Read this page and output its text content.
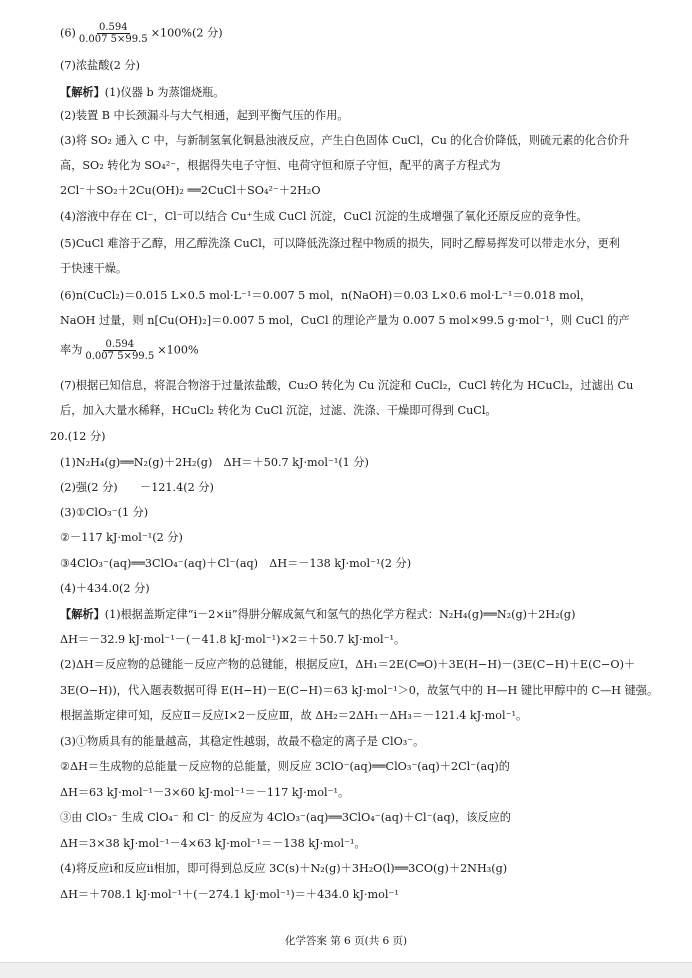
$(6) \frac{0.594}{0.007 5\times 99.5} \times 100\%(2$ 分)
(7)浓盐酸(2 分)
【解析】(1)仪器 b 为蒸馏烧瓶。
(2)装置 B 中长颈漏斗与大气相通，起到平衡气压的作用。
(3)将 SO₂ 通入 C 中，与新制氢氧化铜悬浊液反应，产生白色固体 CuCl，Cu 的化合价降低，则硫元素的化合价升
高，SO₂ 转化为 SO₄²⁻，根据得失电子守恒、电荷守恒和原子守恒，配平的离子方程式为
2Cl⁻＋SO₂＋2Cu(OH)₂ ══2CuCl＋SO₄²⁻＋2H₂O
(4)溶液中存在 Cl⁻，Cl⁻可以结合 Cu⁺生成 CuCl 沉淀，CuCl 沉淀的生成增强了氧化还原反应的竞争性。
(5)CuCl 难溶于乙醇，用乙醇洗涤 CuCl，可以降低洗涤过程中物质的损失，同时乙醇易挥发可以带走水分，更利
于快速干燥。
(6)n(CuCl₂)＝0.015 L×0.5 mol·L⁻¹＝0.007 5 mol，n(NaOH)＝0.03 L×0.6 mol·L⁻¹＝0.018 mol，
NaOH 过量，则 n[Cu(OH)₂]＝0.007 5 mol，CuCl 的理论产量为 0.007 5 mol×99.5 g·mol⁻¹，则 CuCl 的产
率为 $\frac{0.594}{0.007 5\times 99.5} \times 100\%$
(7)根据已知信息，将混合物溶于过量浓盐酸，Cu₂O 转化为 Cu 沉淀和 CuCl₂，CuCl 转化为 HCuCl₂，过滤出 Cu
后，加入大量水稀释，HCuCl₂ 转化为 CuCl 沉淀，过滤、洗涤、干燥即可得到 CuCl。
20.(12 分)
(1)N₂H₄(g)══N₂(g)＋2H₂(g)　ΔH＝＋50.7 kJ·mol⁻¹(1 分)
(2)强(2 分)　　－121.4(2 分)
(3)①ClO₃⁻(1 分)
②－117 kJ·mol⁻¹(2 分)
③4ClO₃⁻(aq)══3ClO₄⁻(aq)＋Cl⁻(aq)　ΔH＝－138 kJ·mol⁻¹(2 分)
(4)＋434.0(2 分)
【解析】(1)根据盖斯定律“i－2×ii”得肼分解成氮气和氢气的热化学方程式：N₂H₄(g)══N₂(g)＋2H₂(g)
ΔH＝－32.9 kJ·mol⁻¹－(－41.8 kJ·mol⁻¹)×2＝＋50.7 kJ·mol⁻¹。
(2)ΔH＝反应物的总键能－反应产物的总键能，根据反应Ⅰ，ΔH₁＝2E(C═O)＋3E(H−H)－(3E(C−H)＋E(C−O)＋
3E(O−H))，代入题表数据可得 E(H−H)－E(C−H)＝63 kJ·mol⁻¹＞0，故氢气中的 H—H 键比甲醇中的 C—H 键强。
根据盖斯定律可知，反应Ⅱ＝反应Ⅰ×2－反应Ⅲ，故 ΔH₂＝2ΔH₁－ΔH₃＝－121.4 kJ·mol⁻¹。
(3)①物质具有的能量越高，其稳定性越弱，故最不稳定的离子是 ClO₃⁻。
②ΔH＝生成物的总能量－反应物的总能量，则反应 3ClO⁻(aq)══ClO₃⁻(aq)＋2Cl⁻(aq)的
ΔH＝63 kJ·mol⁻¹－3×60 kJ·mol⁻¹＝－117 kJ·mol⁻¹。
③由 ClO₃⁻ 生成 ClO₄⁻ 和 Cl⁻ 的反应为 4ClO₃⁻(aq)══3ClO₄⁻(aq)＋Cl⁻(aq)，该反应的
ΔH＝3×38 kJ·mol⁻¹－4×63 kJ·mol⁻¹＝－138 kJ·mol⁻¹。
(4)将反应ⅰ和反应ⅱ相加，即可得到总反应 3C(s)＋N₂(g)＋3H₂O(l)══3CO(g)＋2NH₃(g)
ΔH＝＋708.1 kJ·mol⁻¹＋(－274.1 kJ·mol⁻¹)＝＋434.0 kJ·mol⁻¹
化学答案 第 6 页(共 6 页)
